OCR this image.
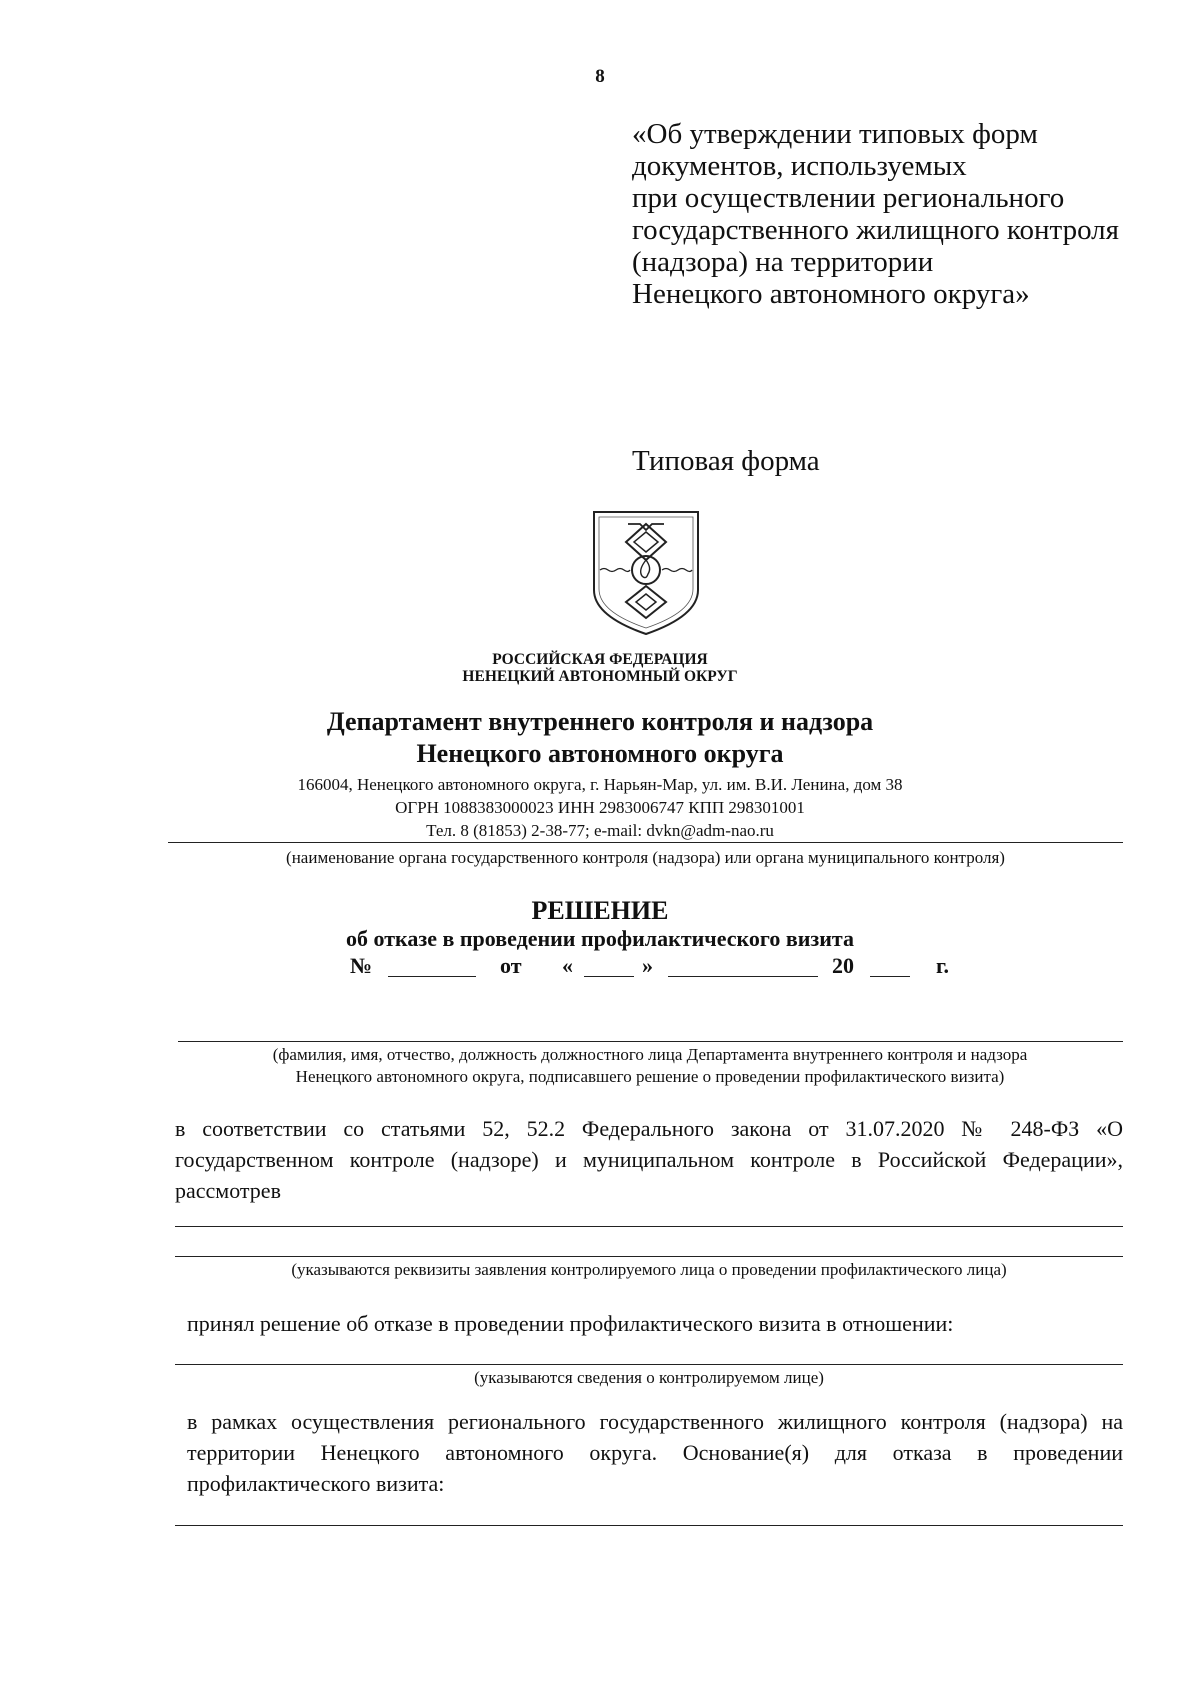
8
«Об утверждении типовых форм
документов, используемых
при осуществлении регионального
государственного жилищного контроля
(надзора) на территории
Ненецкого автономного округа»
Типовая форма
РОССИЙСКАЯ ФЕДЕРАЦИЯ
НЕНЕЦКИЙ АВТОНОМНЫЙ ОКРУГ
Департамент внутреннего контроля и надзора
Ненецкого автономного округа
166004, Ненецкого автономного округа, г. Нарьян-Мар, ул. им. В.И. Ленина, дом 38
ОГРН 1088383000023 ИНН 2983006747 КПП 298301001
Тел. 8 (81853) 2-38-77; e-mail: dvkn@adm-nao.ru
(наименование органа государственного контроля (надзора) или органа муниципального контроля)
РЕШЕНИЕ
об отказе в проведении профилактического визита
№	от «	»	20	г.
(фамилия, имя, отчество, должность должностного лица Департамента внутреннего контроля и надзора
Ненецкого автономного округа, подписавшего решение о проведении профилактического визита)
в соответствии со статьями 52, 52.2 Федерального закона от 31.07.2020 № 248-ФЗ «О государственном контроле (надзоре) и муниципальном контроле в Российской Федерации», рассмотрев
(указываются реквизиты заявления контролируемого лица о проведении профилактического лица)
принял решение об отказе в проведении профилактического визита в отношении:
(указываются сведения о контролируемом лице)
в рамках осуществления регионального государственного жилищного контроля (надзора) на территории Ненецкого автономного округа. Основание(я) для отказа в проведении профилактического визита:
